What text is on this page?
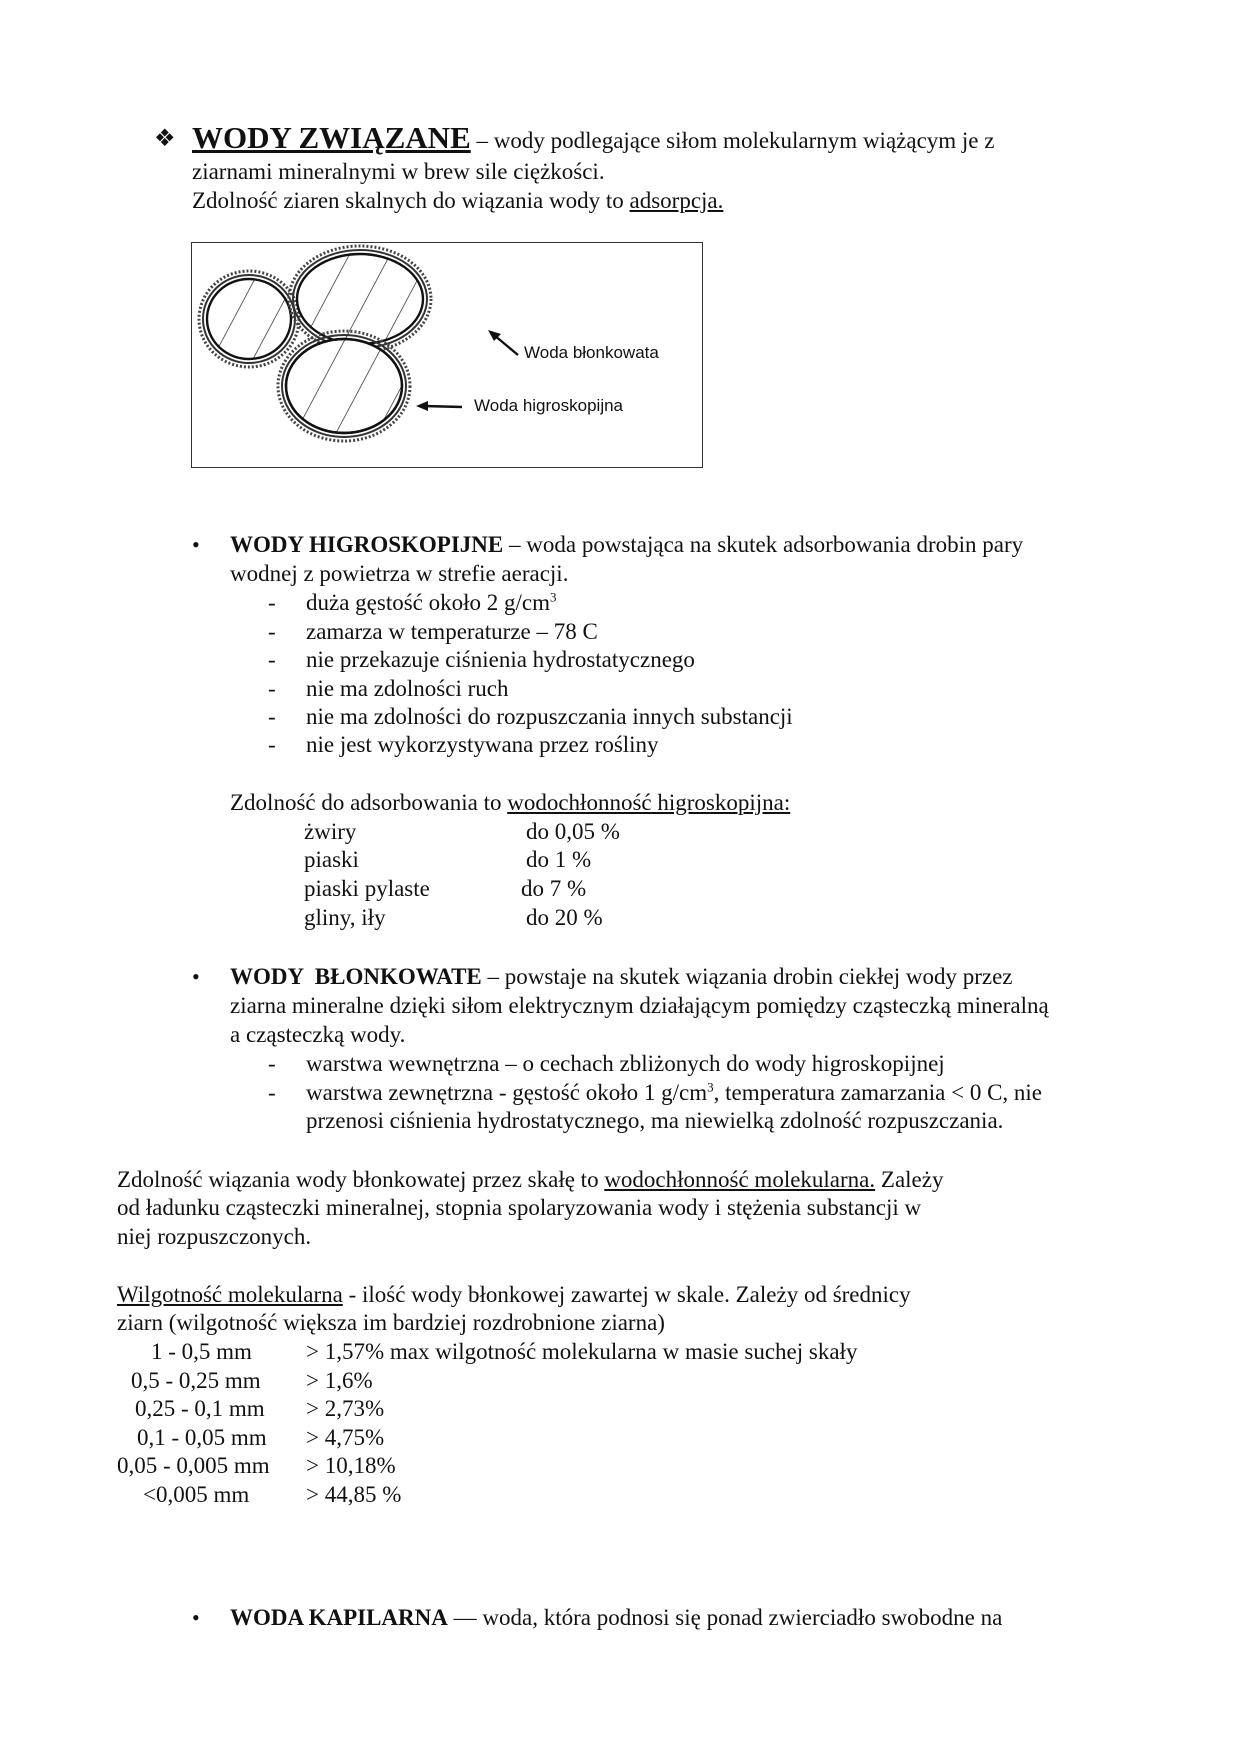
❖ WODY ZWIĄZANE – wody podlegające siłom molekularnym wiążącym je z
ziarnami mineralnymi w brew sile ciężkości.
Zdolność ziaren skalnych do wiązania wody to adsorpcja.
Woda błonkowata
Woda higroskopijna
• WODY HIGROSKOPIJNE – woda powstająca na skutek adsorbowania drobin pary
wodnej z powietrza w strefie aeracji.
- duża gęstość około 2 $g/cm^3$
- zamarza w temperaturze – 78 C
- nie przekazuje ciśnienia hydrostatycznego
- nie ma zdolności ruch
- nie ma zdolności do rozpuszczania innych substancji
- nie jest wykorzystywana przez rośliny
Zdolność do adsorbowania to wodochłonność higroskopijna:
żwiry	do 0,05 %
piaski	do 1 %
piaski pylaste	do 7 %
gliny, iły	do 20 %
• WODY  BŁONKOWATE – powstaje na skutek wiązania drobin ciekłej wody przez
ziarna mineralne dzięki siłom elektrycznym działającym pomiędzy cząsteczką mineralną
a cząsteczką wody.
- warstwa wewnętrzna – o cechach zbliżonych do wody higroskopijnej
- warstwa zewnętrzna - gęstość około 1 $g/cm^3$, temperatura zamarzania < 0 C, nie
przenosi ciśnienia hydrostatycznego, ma niewielką zdolność rozpuszczania.
Zdolność wiązania wody błonkowatej przez skałę to wodochłonność molekularna. Zależy
od ładunku cząsteczki mineralnej, stopnia spolaryzowania wody i stężenia substancji w
niej rozpuszczonych.
Wilgotność molekularna - ilość wody błonkowej zawartej w skale. Zależy od średnicy
ziarn (wilgotność większa im bardziej rozdrobnione ziarna)
1 - 0,5 mm > 1,57% max wilgotność molekularna w masie suchej skały
0,5 - 0,25 mm > 1,6%
0,25 - 0,1 mm > 2,73%
0,1 - 0,05 mm > 4,75%
0,05 - 0,005 mm > 10,18%
<0,005 mm > 44,85 %
• WODA KAPILARNA — woda, która podnosi się ponad zwierciadło swobodne na
